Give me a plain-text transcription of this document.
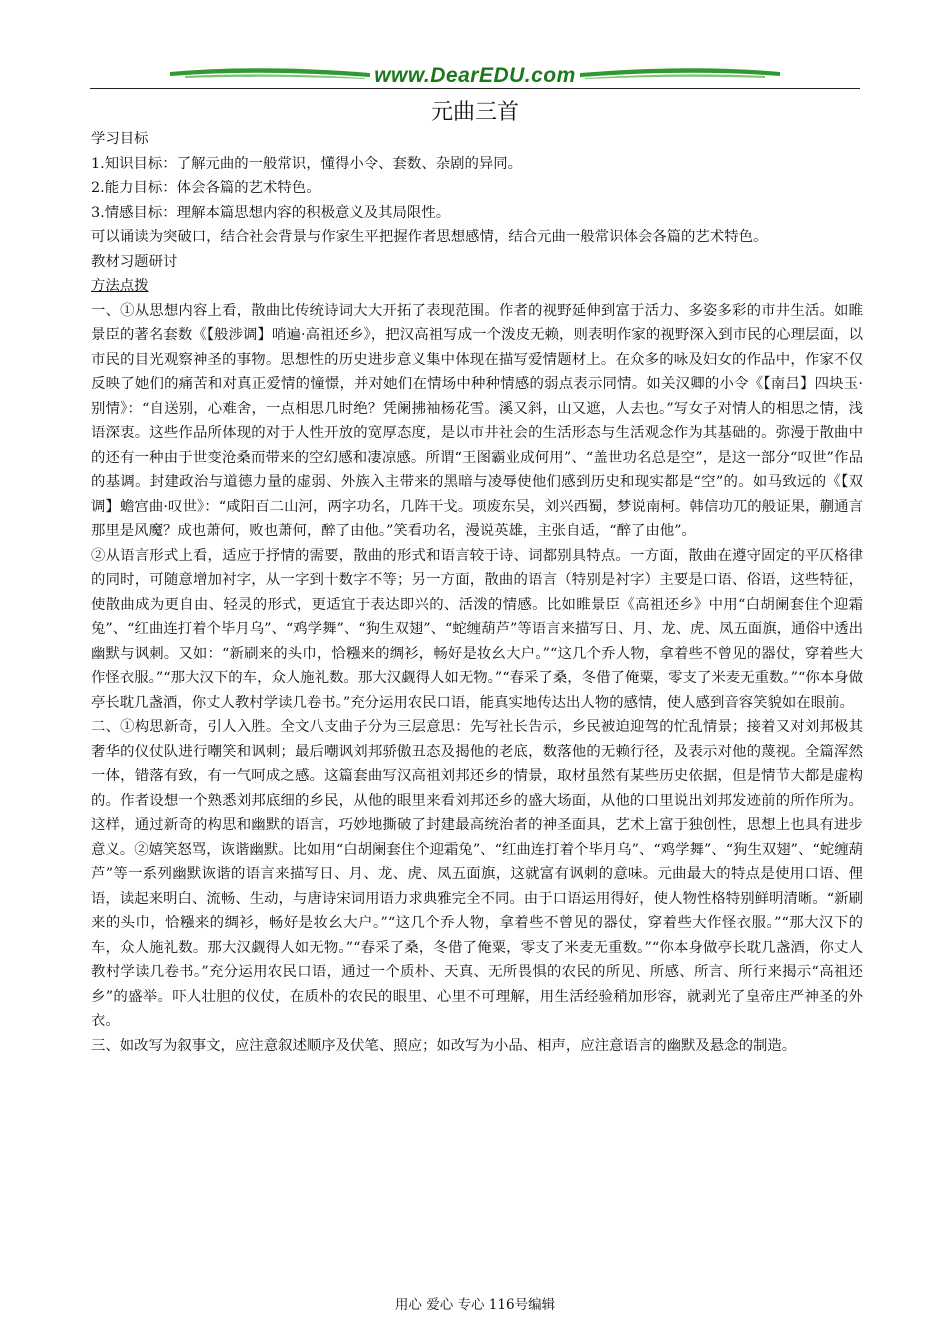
www.DearEDU.com
元曲三首

学习目标

1.知识目标：了解元曲的一般常识，懂得小令、套数、杂剧的异同。

2.能力目标：体会各篇的艺术特色。

3.情感目标：理解本篇思想内容的积极意义及其局限性。

可以诵读为突破口，结合社会背景与作家生平把握作者思想感情，结合元曲一般常识体会各篇的艺术特色。

教材习题研讨

方法点拨

一、①从思想内容上看，散曲比传统诗词大大开拓了表现范围。作者的视野延伸到富于活力、多姿多彩的市井生活。如睢景臣的著名套数《【般涉调】哨遍·高祖还乡》，把汉高祖写成一个泼皮无赖，则表明作家的视野深入到市民的心理层面，以市民的目光观察神圣的事物。思想性的历史进步意义集中体现在描写爱情题材上。在众多的咏及妇女的作品中，作家不仅反映了她们的痛苦和对真正爱情的憧憬，并对她们在情场中种种情感的弱点表示同情。如关汉卿的小令《【南吕】四块玉·别情》：“自送别，心难舍，一点相思几时绝？凭阑拂袖杨花雪。溪又斜，山又遮，人去也。”写女子对情人的相思之情，浅语深衷。这些作品所体现的对于人性开放的宽厚态度，是以市井社会的生活形态与生活观念作为其基础的。弥漫于散曲中的还有一种由于世变沧桑而带来的空幻感和凄凉感。所谓“王图霸业成何用”、“盖世功名总是空”，是这一部分“叹世”作品的基调。封建政治与道德力量的虚弱、外族入主带来的黑暗与凌辱使他们感到历史和现实都是“空”的。如马致远的《【双调】蟾宫曲·叹世》：“咸阳百二山河，两字功名，几阵干戈。项废东吴，刘兴西蜀，梦说南柯。韩信功兀的般证果，蒯通言那里是风魔？成也萧何，败也萧何，醉了由他。”笑看功名，漫说英雄，主张自适，“醉了由他”。

②从语言形式上看，适应于抒情的需要，散曲的形式和语言较于诗、词都别具特点。一方面，散曲在遵守固定的平仄格律的同时，可随意增加衬字，从一字到十数字不等；另一方面，散曲的语言（特别是衬字）主要是口语、俗语，这些特征，使散曲成为更自由、轻灵的形式，更适宜于表达即兴的、活泼的情感。比如睢景臣《高祖还乡》中用“白胡阑套住个迎霜兔”、“红曲连打着个毕月乌”、“鸡学舞”、“狗生双翅”、“蛇缠葫芦”等语言来描写日、月、龙、虎、凤五面旗，通俗中透出幽默与讽刺。又如：“新刷来的头巾，恰糨来的绸衫，畅好是妆幺大户。”“这几个乔人物，拿着些不曾见的器仗，穿着些大作怪衣服。”“那大汉下的车，众人施礼数。那大汉觑得人如无物。”“春采了桑，冬借了俺粟，零支了米麦无重数。”“你本身做亭长耽几盏酒，你丈人教村学读几卷书。”充分运用农民口语，能真实地传达出人物的感情，使人感到音容笑貌如在眼前。

二、①构思新奇，引人入胜。全文八支曲子分为三层意思：先写社长告示，乡民被迫迎驾的忙乱情景；接着又对刘邦极其奢华的仪仗队进行嘲笑和讽刺；最后嘲讽刘邦骄傲丑态及揭他的老底，数落他的无赖行径，及表示对他的蔑视。全篇浑然一体，错落有致，有一气呵成之感。这篇套曲写汉高祖刘邦还乡的情景，取材虽然有某些历史依据，但是情节大都是虚构的。作者设想一个熟悉刘邦底细的乡民，从他的眼里来看刘邦还乡的盛大场面，从他的口里说出刘邦发迹前的所作所为。这样，通过新奇的构思和幽默的语言，巧妙地撕破了封建最高统治者的神圣面具，艺术上富于独创性，思想上也具有进步意义。②嬉笑怒骂，诙谐幽默。比如用“白胡阑套住个迎霜兔”、“红曲连打着个毕月乌”、“鸡学舞”、“狗生双翅”、“蛇缠葫芦”等一系列幽默诙谐的语言来描写日、月、龙、虎、凤五面旗，这就富有讽刺的意味。元曲最大的特点是使用口语、俚语，读起来明白、流畅、生动，与唐诗宋词用语力求典雅完全不同。由于口语运用得好，使人物性格特别鲜明清晰。“新刷来的头巾，恰糨来的绸衫，畅好是妆幺大户。”“这几个乔人物，拿着些不曾见的器仗，穿着些大作怪衣服。”“那大汉下的车，众人施礼数。那大汉觑得人如无物。”“春采了桑，冬借了俺粟，零支了米麦无重数。”“你本身做亭长耽几盏酒，你丈人教村学读几卷书。”充分运用农民口语，通过一个质朴、天真、无所畏惧的农民的所见、所感、所言、所行来揭示“高祖还乡”的盛举。吓人壮胆的仪仗，在质朴的农民的眼里、心里不可理解，用生活经验稍加形容，就剥光了皇帝庄严神圣的外衣。

三、如改写为叙事文，应注意叙述顺序及伏笔、照应；如改写为小品、相声，应注意语言的幽默及悬念的制造。

用心 爱心 专心 116号编辑
